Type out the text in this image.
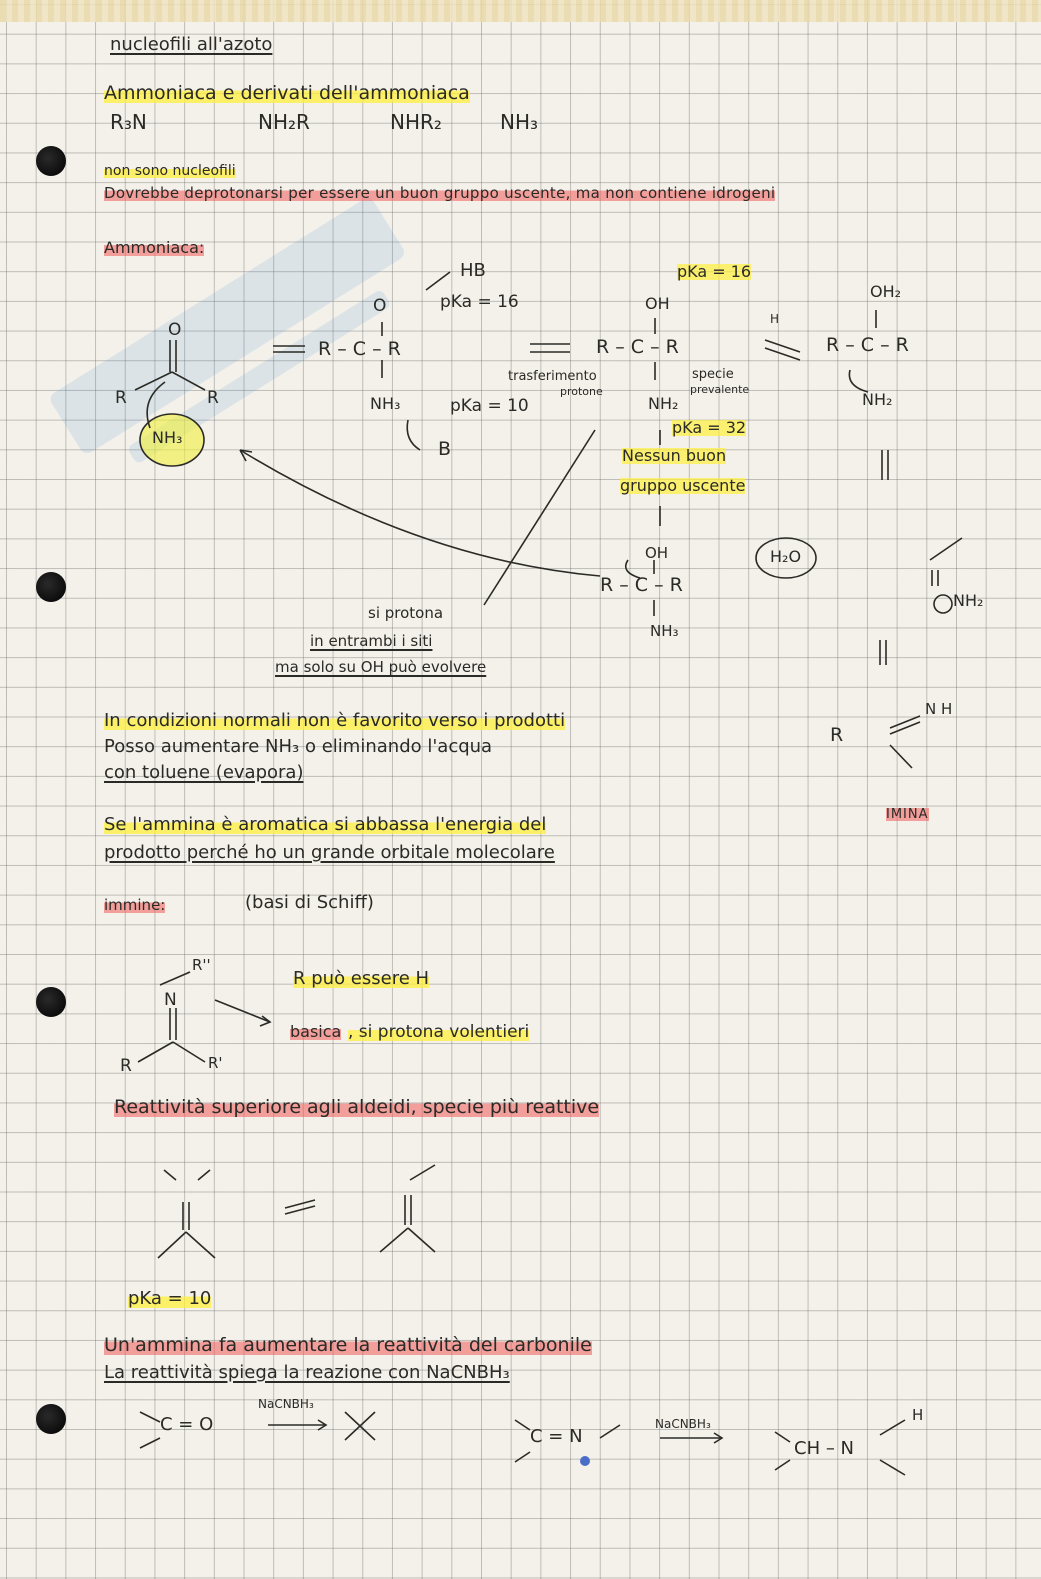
nucleofili all'azoto
Ammoniaca e derivati dell'ammoniaca
R₃N	NH₂R	NHR₂	NH₃
non sono nucleofili
Dovrebbe deprotonarsi per essere un buon gruppo uscente, ma non contiene idrogeni
Ammoniaca:
O
R	R
NH₃
HB
pKa = 16
pKa = 16
O
R – C – R
NH₃	pKa = 10
B
OH
R – C – R
trasferimento
protone
specie
prevalente
NH₂
pKa = 32
Nessun buon
gruppo uscente
H
OH₂
R – C – R
NH₂
OH
R – C – R
NH₃
H₂O
NH₂
si protona
in entrambi i siti
ma solo su OH può evolvere
N H
R
IMINA
In condizioni normali non è favorito verso i prodotti
Posso aumentare NH₃ o eliminando l'acqua
con toluene (evapora)
Se l'ammina è aromatica si abbassa l'energia del
prodotto perché ho un grande orbitale molecolare
immine:	(basi di Schiff)
R''
N
R	R'
R può essere H
basica , si protona volentieri
Reattività superiore agli aldeidi, specie più reattive
pKa = 10
Un'ammina fa aumentare la reattività del carbonile
La reattività spiega la reazione con NaCNBH₃
C = O
NaCNBH₃
C = N
NaCNBH₃
CH – N
H
